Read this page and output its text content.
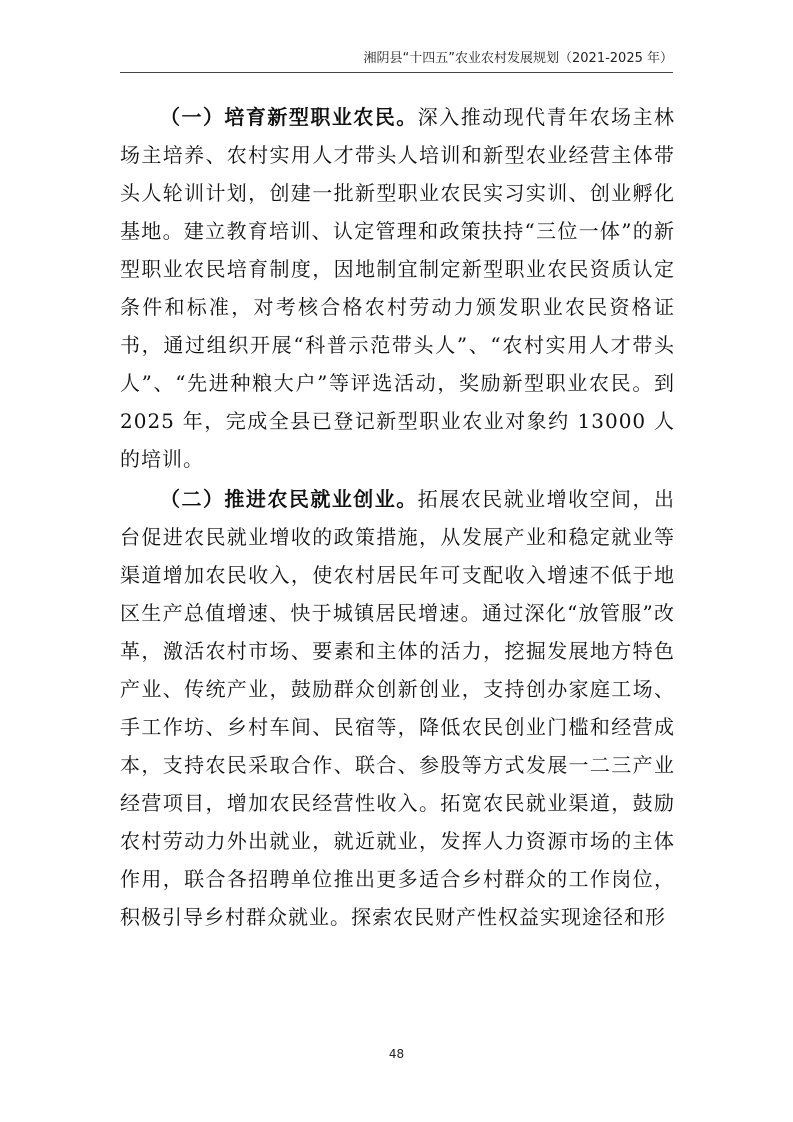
湘阴县“十四五”农业农村发展规划（2021-2025 年）

（一）培育新型职业农民。深入推动现代青年农场主林场主培养、农村实用人才带头人培训和新型农业经营主体带头人轮训计划，创建一批新型职业农民实习实训、创业孵化基地。建立教育培训、认定管理和政策扶持“三位一体”的新型职业农民培育制度，因地制宜制定新型职业农民资质认定条件和标准，对考核合格农村劳动力颁发职业农民资格证书，通过组织开展“科普示范带头人”、“农村实用人才带头人”、“先进种粮大户”等评选活动，奖励新型职业农民。到 2025 年，完成全县已登记新型职业农业对象约 13000 人的培训。

（二）推进农民就业创业。拓展农民就业增收空间，出台促进农民就业增收的政策措施，从发展产业和稳定就业等渠道增加农民收入，使农村居民年可支配收入增速不低于地区生产总值增速、快于城镇居民增速。通过深化“放管服”改革，激活农村市场、要素和主体的活力，挖掘发展地方特色产业、传统产业，鼓励群众创新创业，支持创办家庭工场、手工作坊、乡村车间、民宿等，降低农民创业门槛和经营成本，支持农民采取合作、联合、参股等方式发展一二三产业经营项目，增加农民经营性收入。拓宽农民就业渠道，鼓励农村劳动力外出就业，就近就业，发挥人力资源市场的主体作用，联合各招聘单位推出更多适合乡村群众的工作岗位，积极引导乡村群众就业。探索农民财产性权益实现途径和形

48
